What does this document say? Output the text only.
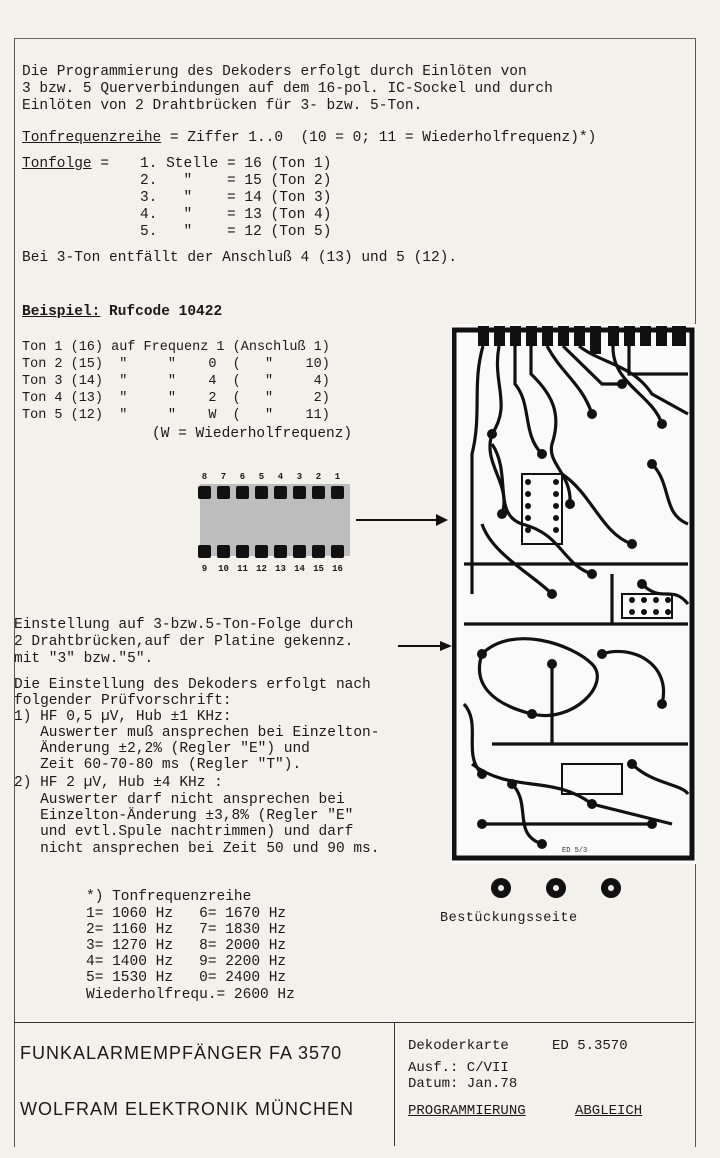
Die Programmierung des Dekoders erfolgt durch Einlöten von
3 bzw. 5 Querverbindungen auf dem 16-pol. IC-Sockel und durch
Einlöten von 2 Drahtbrücken für 3- bzw. 5-Ton.
Tonfrequenzreihe = Ziffer 1..0  (10 = 0; 11 = Wiederholfrequenz)*)
Tonfolge = 1. Stelle = 16 (Ton 1)
2.   "    = 15 (Ton 2)
3.   "    = 14 (Ton 3)
4.   "    = 13 (Ton 4)
5.   "    = 12 (Ton 5)
Bei 3-Ton entfällt der Anschluß 4 (13) und 5 (12).
Beispiel: Rufcode 10422
Ton 1 (16) auf Frequenz 1 (Anschluß 1)
Ton 2 (15)  "     "    0  (   "    10)
Ton 3 (14)  "     "    4  (   "     4)
Ton 4 (13)  "     "    2  (   "     2)
Ton 5 (12)  "     "    W  (   "    11)
(W = Wiederholfrequenz)
8	7	6	5	4	3	2	1
9	10 11 12 13 14 15 16
Einstellung auf 3-bzw.5-Ton-Folge durch
2 Drahtbrücken,auf der Platine gekennz.
mit "3" bzw."5".
Die Einstellung des Dekoders erfolgt nach
folgender Prüfvorschrift:
1) HF 0,5 µV, Hub ±1 KHz:
Auswerter muß ansprechen bei Einzelton-
Änderung ±2,2% (Regler "E") und
Zeit 60-70-80 ms (Regler "T").
2) HF 2 µV, Hub ±4 KHz :
Auswerter darf nicht ansprechen bei
Einzelton-Änderung ±3,8% (Regler "E"
und evtl.Spule nachtrimmen) und darf
nicht ansprechen bei Zeit 50 und 90 ms.
*) Tonfrequenzreihe
1= 1060 Hz   6= 1670 Hz
2= 1160 Hz   7= 1830 Hz
3= 1270 Hz   8= 2000 Hz
4= 1400 Hz   9= 2200 Hz
5= 1530 Hz   0= 2400 Hz
Wiederholfrequ.= 2600 Hz
ED 5/3
Bestückungsseite
FUNKALARMEMPFÄNGER FA 3570
WOLFRAM ELEKTRONIK MÜNCHEN
Dekoderkarte	ED 5.3570
Ausf.: C/VII
Datum: Jan.78
PROGRAMMIERUNG	ABGLEICH
